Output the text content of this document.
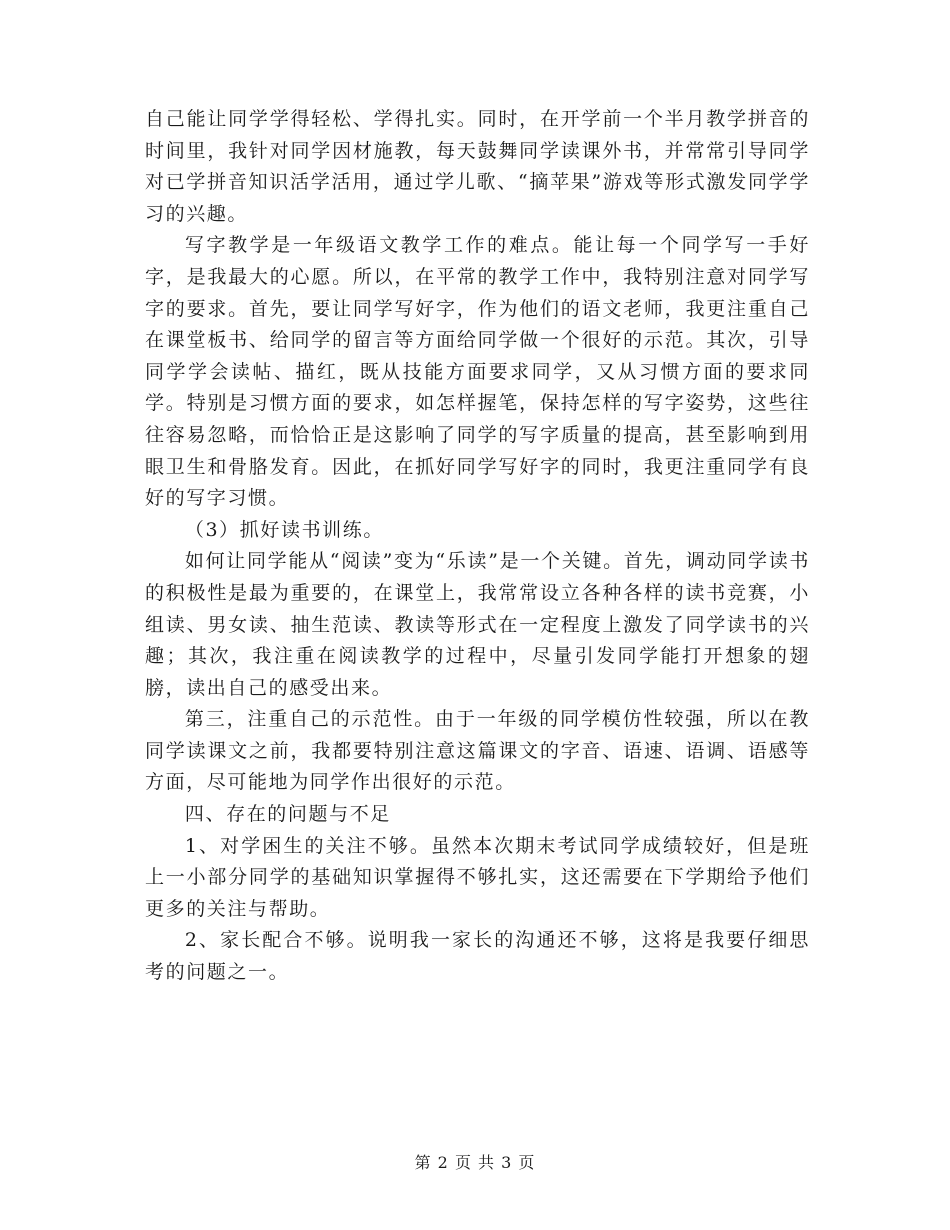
自己能让同学学得轻松、学得扎实。同时，在开学前一个半月教学拼音的时间里，我针对同学因材施教，每天鼓舞同学读课外书，并常常引导同学对已学拼音知识活学活用，通过学儿歌、“摘苹果”游戏等形式激发同学学习的兴趣。

写字教学是一年级语文教学工作的难点。能让每一个同学写一手好字，是我最大的心愿。所以，在平常的教学工作中，我特别注意对同学写字的要求。首先，要让同学写好字，作为他们的语文老师，我更注重自己在课堂板书、给同学的留言等方面给同学做一个很好的示范。其次，引导同学学会读帖、描红，既从技能方面要求同学，又从习惯方面的要求同学。特别是习惯方面的要求，如怎样握笔，保持怎样的写字姿势，这些往往容易忽略，而恰恰正是这影响了同学的写字质量的提高，甚至影响到用眼卫生和骨胳发育。因此，在抓好同学写好字的同时，我更注重同学有良好的写字习惯。

（3）抓好读书训练。

如何让同学能从“阅读”变为“乐读”是一个关键。首先，调动同学读书的积极性是最为重要的，在课堂上，我常常设立各种各样的读书竞赛，小组读、男女读、抽生范读、教读等形式在一定程度上激发了同学读书的兴趣；其次，我注重在阅读教学的过程中，尽量引发同学能打开想象的翅膀，读出自己的感受出来。

第三，注重自己的示范性。由于一年级的同学模仿性较强，所以在教同学读课文之前，我都要特别注意这篇课文的字音、语速、语调、语感等方面，尽可能地为同学作出很好的示范。

四、存在的问题与不足

1、对学困生的关注不够。虽然本次期末考试同学成绩较好，但是班上一小部分同学的基础知识掌握得不够扎实，这还需要在下学期给予他们更多的关注与帮助。

2、家长配合不够。说明我一家长的沟通还不够，这将是我要仔细思考的问题之一。

第 2 页 共 3 页
